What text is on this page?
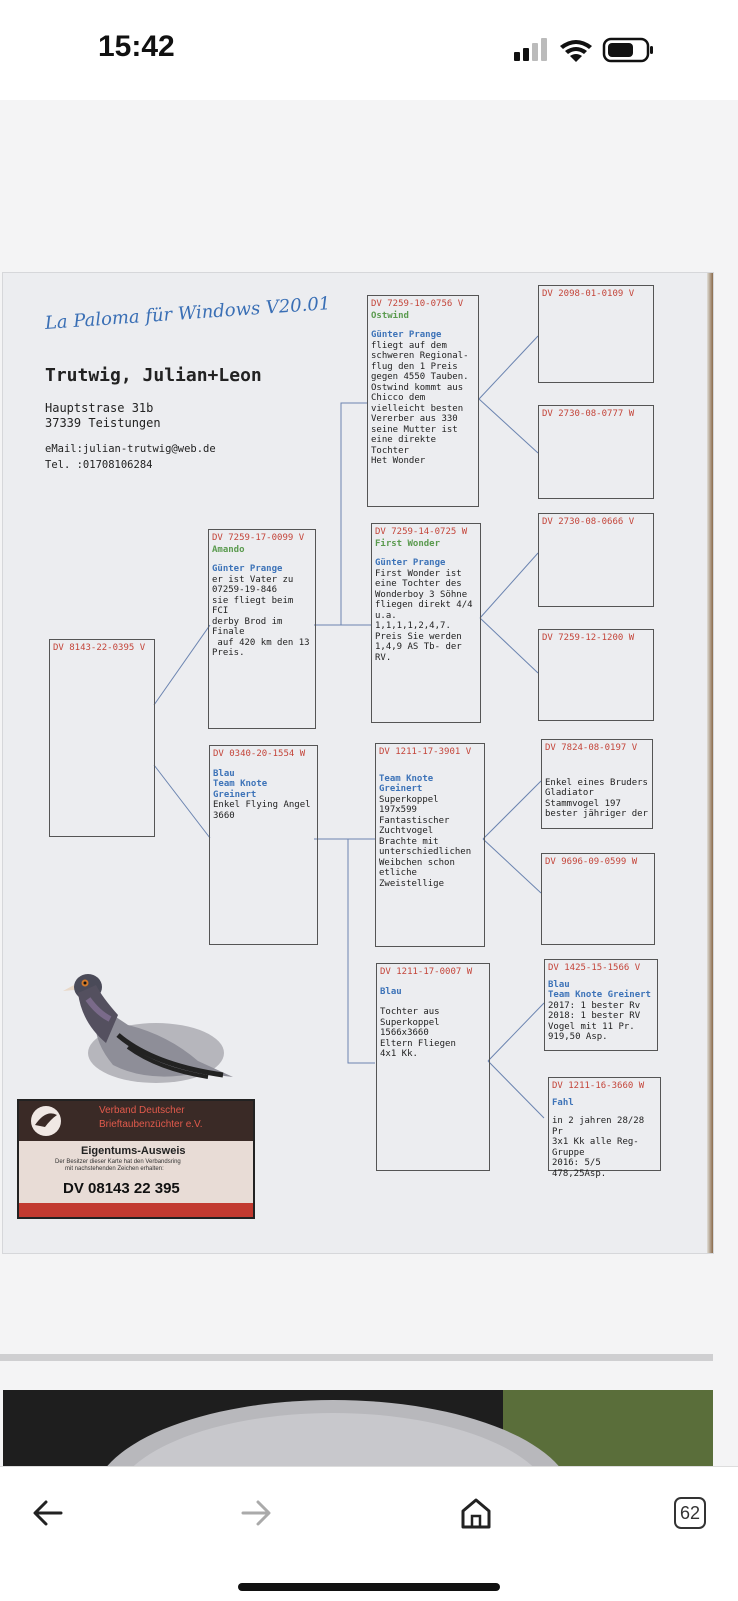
15:42
La Paloma für Windows V20.01
Trutwig, Julian+Leon
Hauptstrase 31b
37339 Teistungen
eMail:julian-trutwig@web.de
Tel. :01708106284
DV 8143-22-0395 V
DV 7259-17-0099 V
Amando
Günter Prange
er ist Vater zu
07259-19-846
sie fliegt beim FCI
derby Brod im Finale
auf 420 km den 13
Preis.
DV 0340-20-1554 W
Blau
Team Knote Greinert
Enkel Flying Angel
3660
DV 7259-10-0756 V
Ostwind
Günter Prange
fliegt auf dem
schweren Regional-
flug den 1 Preis
gegen 4550 Tauben.
Ostwind kommt aus
Chicco dem
vielleicht besten
Vererber aus 330
seine Mutter ist
eine direkte Tochter
Het Wonder
DV 7259-14-0725 W
First Wonder
Günter Prange
First Wonder ist
eine Tochter des
Wonderboy 3 Söhne
fliegen direkt 4/4
u.a. 1,1,1,1,2,4,7.
Preis Sie werden
1,4,9 AS Tb- der
RV.
DV 1211-17-3901 V
Team Knote Greinert
Superkoppel 197x599
Fantastischer
Zuchtvogel
Brachte mit
unterschiedlichen
Weibchen schon
etliche Zweistellige
DV 1211-17-0007 W
Blau
Tochter aus
Superkoppel
1566x3660
Eltern Fliegen
4x1 Kk.
DV 2098-01-0109 V
DV 2730-08-0777 W
DV 2730-08-0666 V
DV 7259-12-1200 W
DV 7824-08-0197 V
Enkel eines Bruders
Gladiator
Stammvogel 197
bester jähriger der
DV 9696-09-0599 W
DV 1425-15-1566 V
Blau
Team Knote Greinert
2017: 1 bester Rv
2018: 1 bester RV
Vogel mit 11 Pr.
919,50 Asp.
DV 1211-16-3660 W
Fahl
in 2 jahren 28/28 Pr
3x1 Kk alle Reg-
Gruppe
2016: 5/5 478,25Asp.
Verband Deutscher
Brieftaubenzüchter e.V.
Eigentums-Ausweis
Der Besitzer dieser Karte hat den Verbandsring
mit nachstehenden Zeichen erhalten:
DV 08143 22 395
62
